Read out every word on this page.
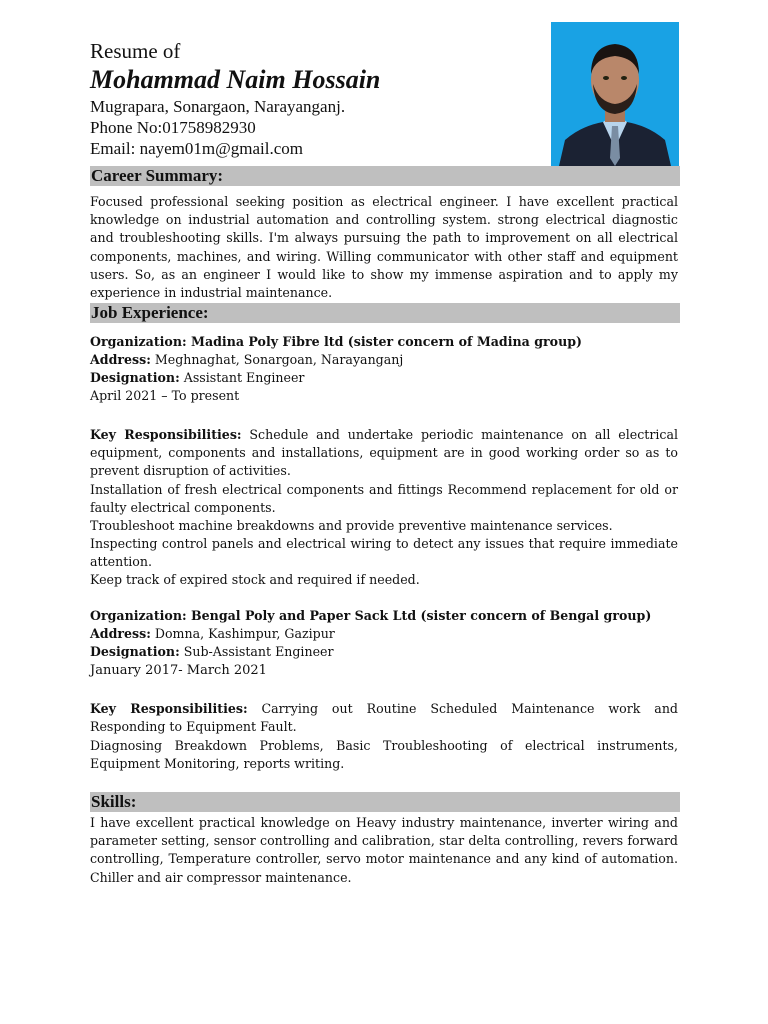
Resume of
Mohammad Naim Hossain
Mugrapara, Sonargaon, Narayanganj.
Phone No:01758982930
Email: nayem01m@gmail.com
Career Summary:
Focused professional seeking position as electrical engineer. I have excellent practical knowledge on industrial automation and controlling system. strong electrical diagnostic and troubleshooting skills. I'm always pursuing the path to improvement on all electrical components, machines, and wiring. Willing communicator with other staff and equipment users. So, as an engineer I would like to show my immense aspiration and to apply my experience in industrial maintenance.
Job Experience:
Organization: Madina Poly Fibre ltd (sister concern of Madina group)
Address: Meghnaghat, Sonargoan, Narayanganj
Designation: Assistant Engineer
April 2021 – To present
Key Responsibilities: Schedule and undertake periodic maintenance on all electrical equipment, components and installations, equipment are in good working order so as to prevent disruption of activities.
Installation of fresh electrical components and fittings Recommend replacement for old or faulty electrical components.
Troubleshoot machine breakdowns and provide preventive maintenance services.
Inspecting control panels and electrical wiring to detect any issues that require immediate attention.
Keep track of expired stock and required if needed.
Organization: Bengal Poly and Paper Sack Ltd (sister concern of Bengal group)
Address: Domna, Kashimpur, Gazipur
Designation: Sub-Assistant Engineer
January 2017- March 2021
Key Responsibilities: Carrying out Routine Scheduled Maintenance work and Responding to Equipment Fault.
Diagnosing Breakdown Problems, Basic Troubleshooting of electrical instruments, Equipment Monitoring, reports writing.
Skills:
I have excellent practical knowledge on Heavy industry maintenance, inverter wiring and parameter setting, sensor controlling and calibration, star delta controlling, revers forward controlling, Temperature controller, servo motor maintenance and any kind of automation. Chiller and air compressor maintenance.
